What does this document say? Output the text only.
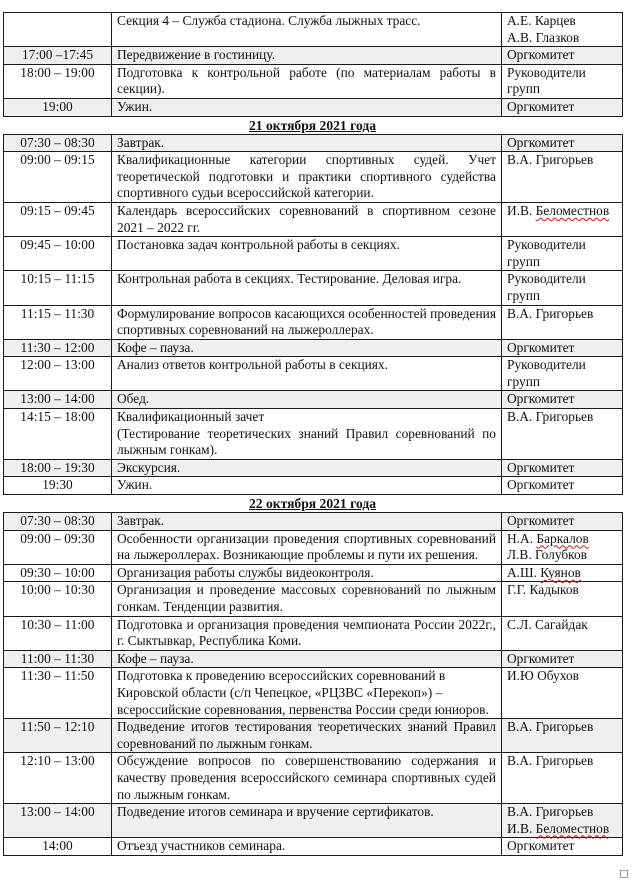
	Секция 4 – Служба стадиона. Служба лыжных трасс.	А.Е. Карцев
А.В. Глазков

17:00 –17:45	Передвижение в гостиницу.	Оргкомитет

18:00 – 19:00	Подготовка к контрольной работе (по материалам работы в секции).	Руководители
групп

19:00	Ужин.	Оргкомитет

21 октября 2021 года

07:30 – 08:30	Завтрак.	Оргкомитет

09:00 – 09:15	Квалификационные категории спортивных судей. Учет теоретической подготовки и практики спортивного судейства спортивного судьи всероссийской категории.	В.А. Григорьев

09:15 – 09:45	Календарь всероссийских соревнований в спортивном сезоне 2021 – 2022 гг.	И.В. Беломестнов

09:45 – 10:00	Постановка задач контрольной работы в секциях.	Руководители
групп

10:15 – 11:15	Контрольная работа в секциях. Тестирование. Деловая игра.	Руководители
групп

11:15 – 11:30	Формулирование вопросов касающихся особенностей проведения спортивных соревнований на лыжероллерах.	В.А. Григорьев

11:30 – 12:00	Кофе – пауза.	Оргкомитет

12:00 – 13:00	Анализ ответов контрольной работы в секциях.	Руководители
групп

13:00 – 14:00	Обед.	Оргкомитет

14:15 – 18:00	Квалификационный зачет
(Тестирование теоретических знаний Правил соревнований по лыжным гонкам).	В.А. Григорьев

18:00 – 19:30	Экскурсия.	Оргкомитет

19:30	Ужин.	Оргкомитет

22 октября 2021 года

07:30 – 08:30	Завтрак.	Оргкомитет

09:00 – 09:30	Особенности организации проведения спортивных соревнований на лыжероллерах. Возникающие проблемы и пути их решения.	Н.А. Баркалов
Л.В. Голубков

09:30 – 10:00	Организация работы службы видеоконтроля.	А.Ш. Куянов

10:00 – 10:30	Организация и проведение массовых соревнований по лыжным гонкам. Тенденции развития.	Г.Г. Кадыков

10:30 – 11:00	Подготовка и организация проведения чемпионата России 2022г., г. Сыктывкар, Республика Коми.	С.Л. Сагайдак

11:00 – 11:30	Кофе – пауза.	Оргкомитет

11:30 – 11:50	Подготовка к проведению всероссийских соревнований в Кировской области (с/п Чепецкое, «РЦЗВС «Перекоп») – всероссийские соревнования, первенства России среди юниоров.	И.Ю Обухов

11:50 – 12:10	Подведение итогов тестирования теоретических знаний Правил соревнований по лыжным гонкам.	В.А. Григорьев

12:10 – 13:00	Обсуждение вопросов по совершенствованию содержания и качеству проведения всероссийского семинара спортивных судей по лыжным гонкам.	В.А. Григорьев

13:00 – 14:00	Подведение итогов семинара и вручение сертификатов.	В.А. Григорьев
И.В. Беломестнов

14:00	Отъезд участников семинара.	Оргкомитет
